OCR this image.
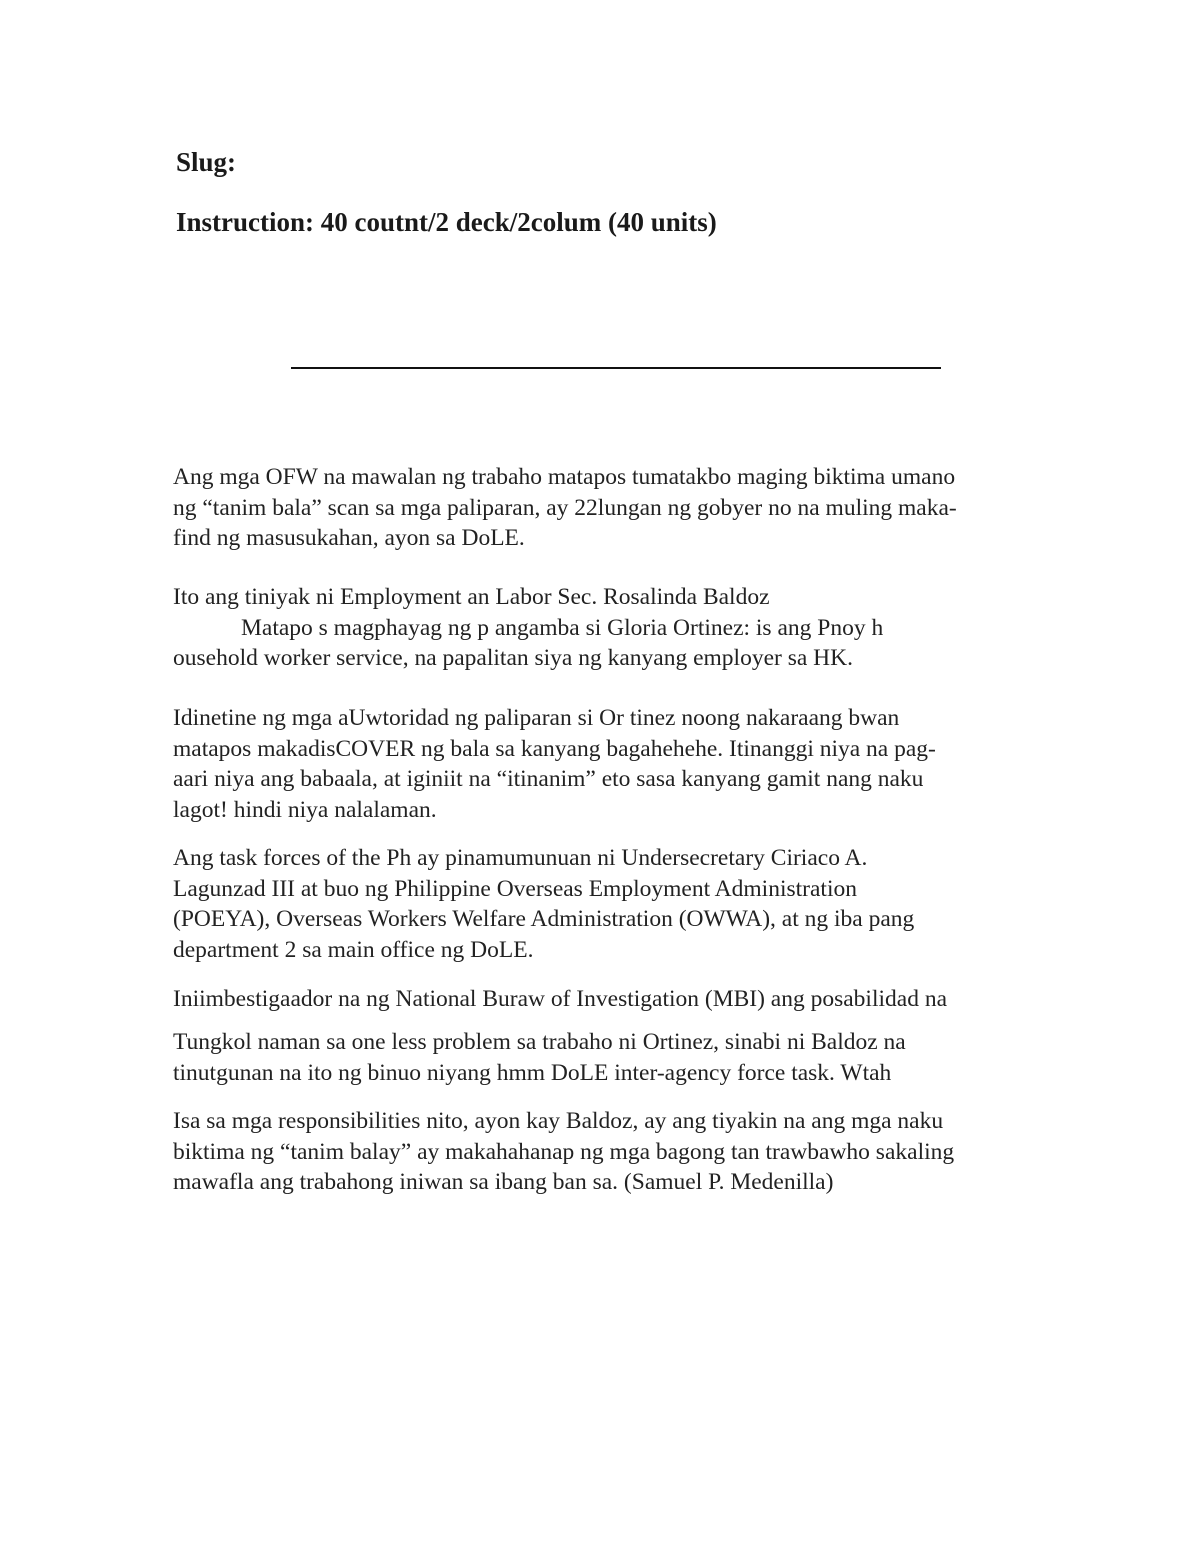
Slug:
Instruction: 40 coutnt/2 deck/2colum (40 units)

Ang mga OFW na mawalan ng trabaho matapos tumatakbo maging biktima umano
ng “tanim bala” scan sa mga paliparan, ay 22lungan ng gobyer no na muling maka-
find ng masusukahan, ayon sa DoLE.

Ito ang tiniyak ni Employment an Labor Sec. Rosalinda Baldoz
Matapo s magphayag ng p angamba si Gloria Ortinez: is ang Pnoy h
ousehold worker service, na papalitan siya ng kanyang employer sa HK.

Idinetine ng mga aUwtoridad ng paliparan si Or tinez noong nakaraang bwan
matapos makadisCOVER ng bala sa kanyang bagahehehe. Itinanggi niya na pag-
aari niya ang babaala, at iginiit na “itinanim” eto sasa kanyang gamit nang naku
lagot! hindi niya nalalaman.

Ang task forces of the Ph ay pinamumunuan ni Undersecretary Ciriaco A.
Lagunzad III at buo ng Philippine Overseas Employment Administration
(POEYA), Overseas Workers Welfare Administration (OWWA), at ng iba pang
department 2 sa main office ng DoLE.

Iniimbestigaador na ng National Buraw of Investigation (MBI) ang posabilidad na

Tungkol naman sa one less problem sa trabaho ni Ortinez, sinabi ni Baldoz na
tinutgunan na ito ng binuo niyang hmm DoLE inter-agency force task. Wtah

Isa sa mga responsibilities nito, ayon kay Baldoz, ay ang tiyakin na ang mga naku
biktima ng “tanim balay” ay makahahanap ng mga bagong tan trawbawho sakaling
mawafla ang trabahong iniwan sa ibang ban sa. (Samuel P. Medenilla)
